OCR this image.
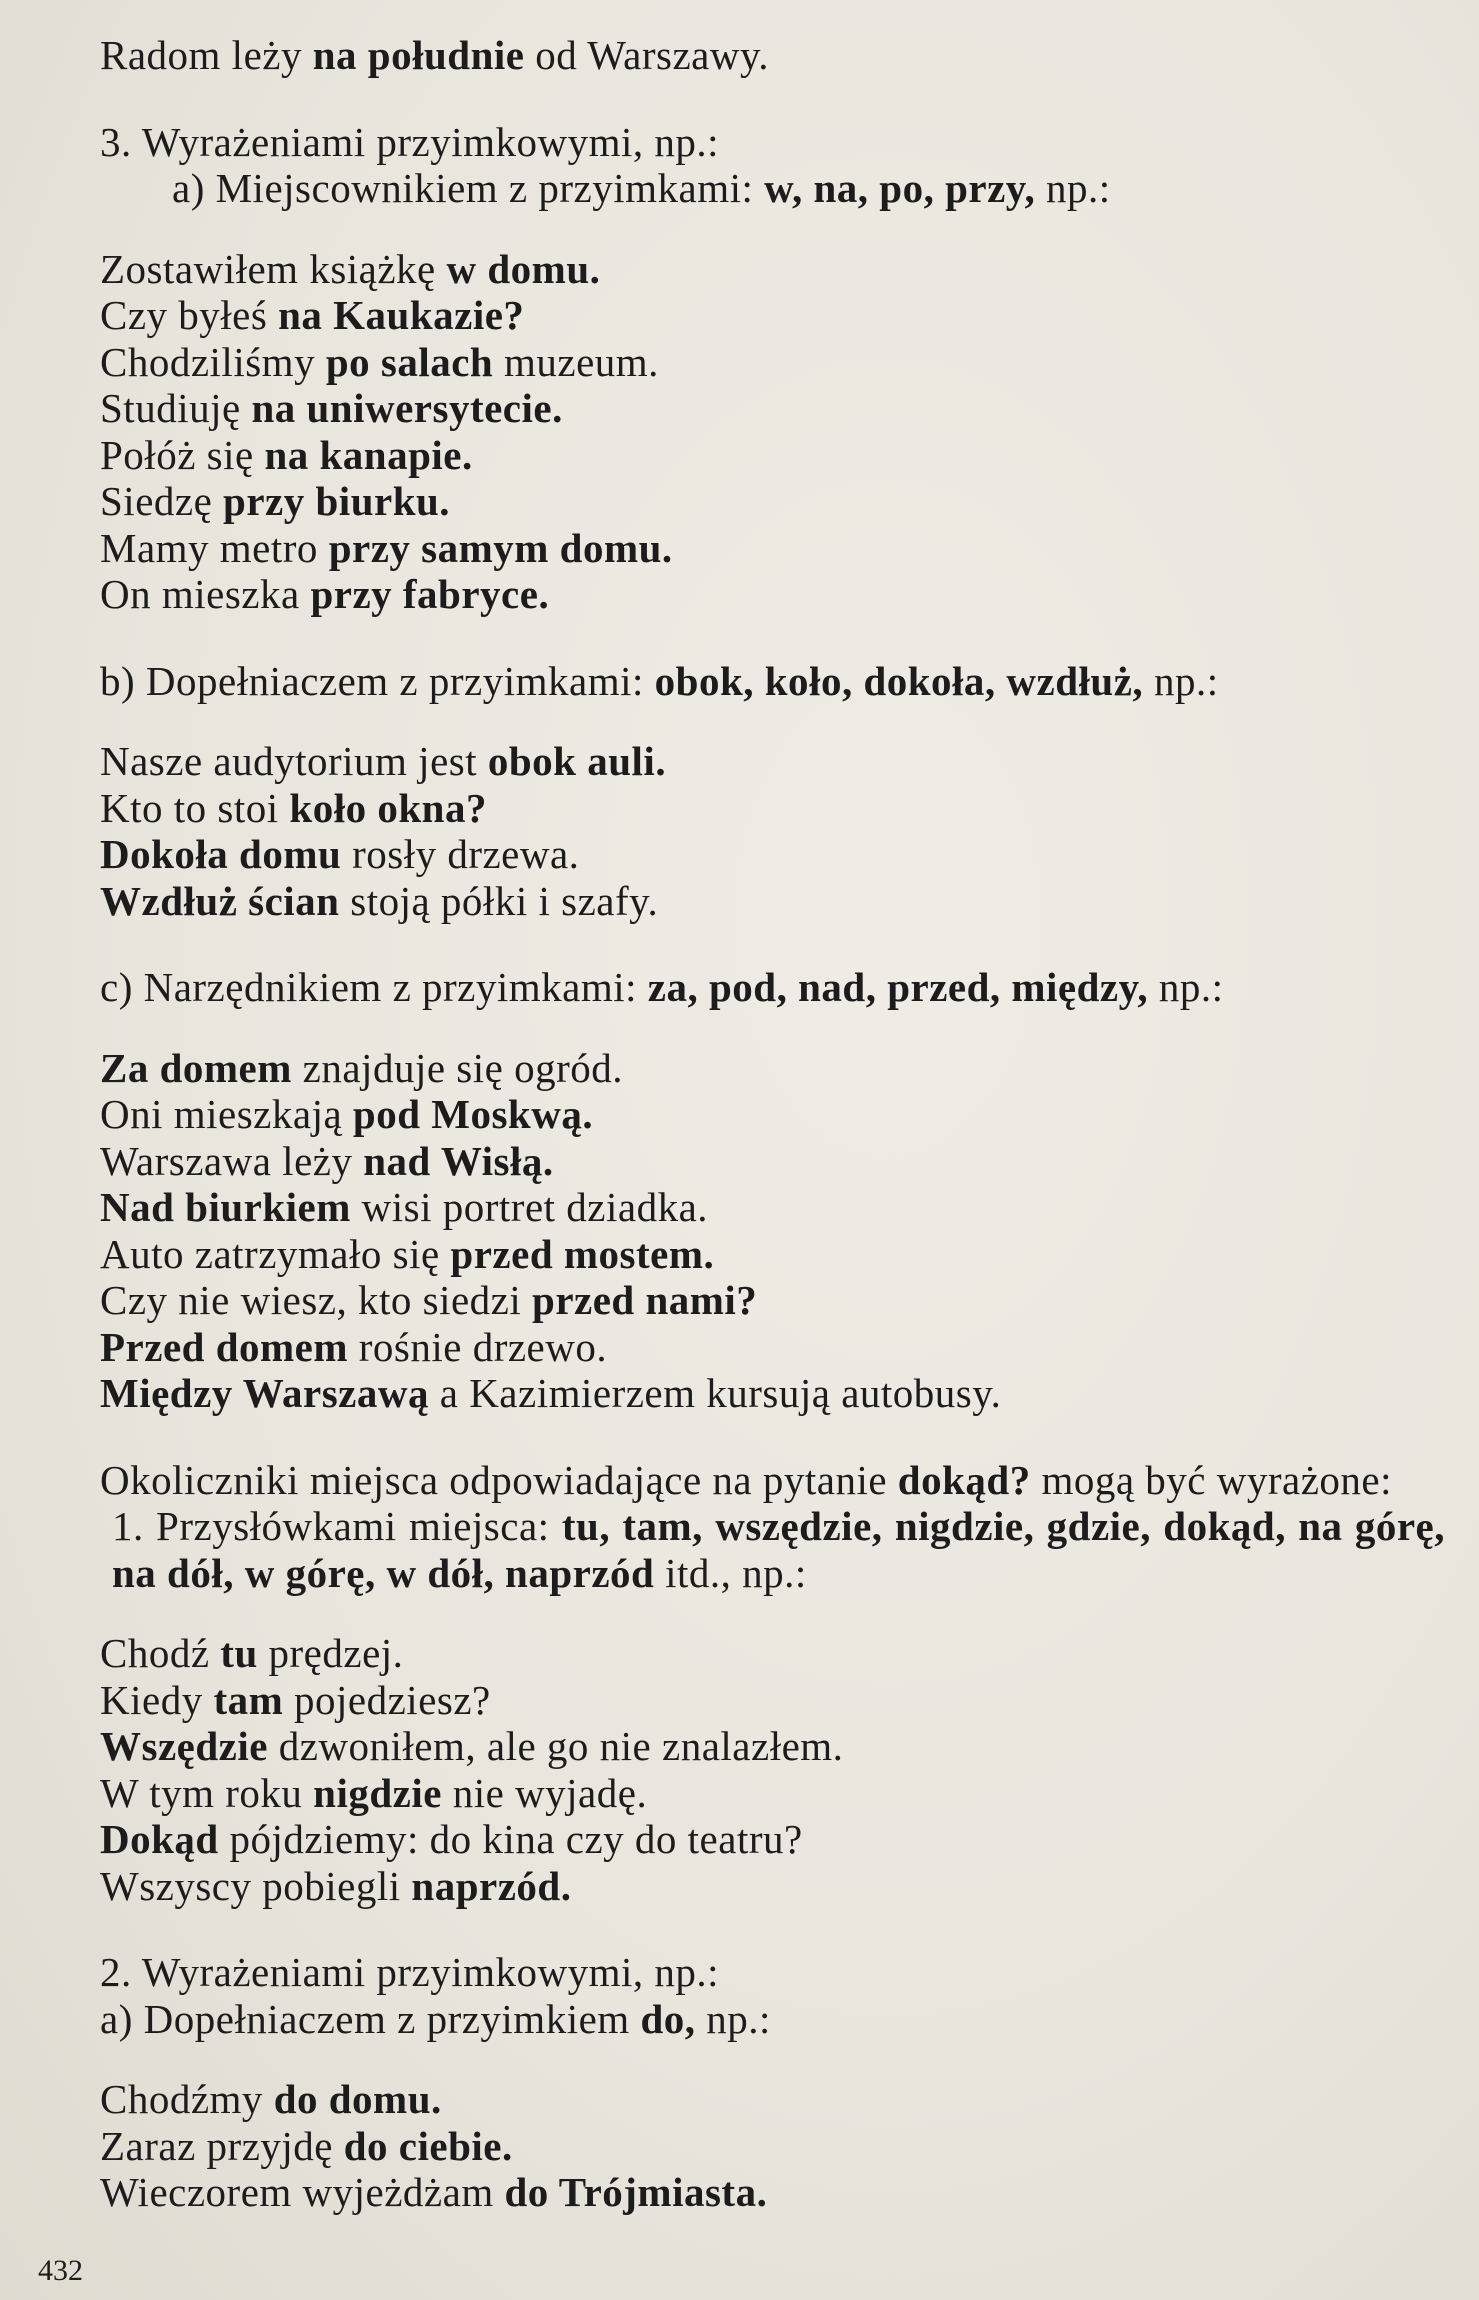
Radom leży na południe od Warszawy.
3. Wyrażeniami przyimkowymi, np.:
a) Miejscownikiem z przyimkami: w, na, po, przy, np.:
Zostawiłem książkę w domu.
Czy byłeś na Kaukazie?
Chodziliśmy po salach muzeum.
Studiuję na uniwersytecie.
Połóż się na kanapie.
Siedzę przy biurku.
Mamy metro przy samym domu.
On mieszka przy fabryce.
b) Dopełniaczem z przyimkami: obok, koło, dokoła, wzdłuż, np.:
Nasze audytorium jest obok auli.
Kto to stoi koło okna?
Dokoła domu rosły drzewa.
Wzdłuż ścian stoją półki i szafy.
c) Narzędnikiem z przyimkami: za, pod, nad, przed, między, np.:
Za domem znajduje się ogród.
Oni mieszkają pod Moskwą.
Warszawa leży nad Wisłą.
Nad biurkiem wisi portret dziadka.
Auto zatrzymało się przed mostem.
Czy nie wiesz, kto siedzi przed nami?
Przed domem rośnie drzewo.
Między Warszawą a Kazimierzem kursują autobusy.
Okoliczniki miejsca odpowiadające na pytanie dokąd? mogą być wyrażone:
1. Przysłówkami miejsca: tu, tam, wszędzie, nigdzie, gdzie, dokąd, na górę, na dół, w górę, w dół, naprzód itd., np.:
Chodź tu prędzej.
Kiedy tam pojedziesz?
Wszędzie dzwoniłem, ale go nie znalazłem.
W tym roku nigdzie nie wyjadę.
Dokąd pójdziemy: do kina czy do teatru?
Wszyscy pobiegli naprzód.
2. Wyrażeniami przyimkowymi, np.:
a) Dopełniaczem z przyimkiem do, np.:
Chodźmy do domu.
Zaraz przyjdę do ciebie.
Wieczorem wyjeżdżam do Trójmiasta.
432
